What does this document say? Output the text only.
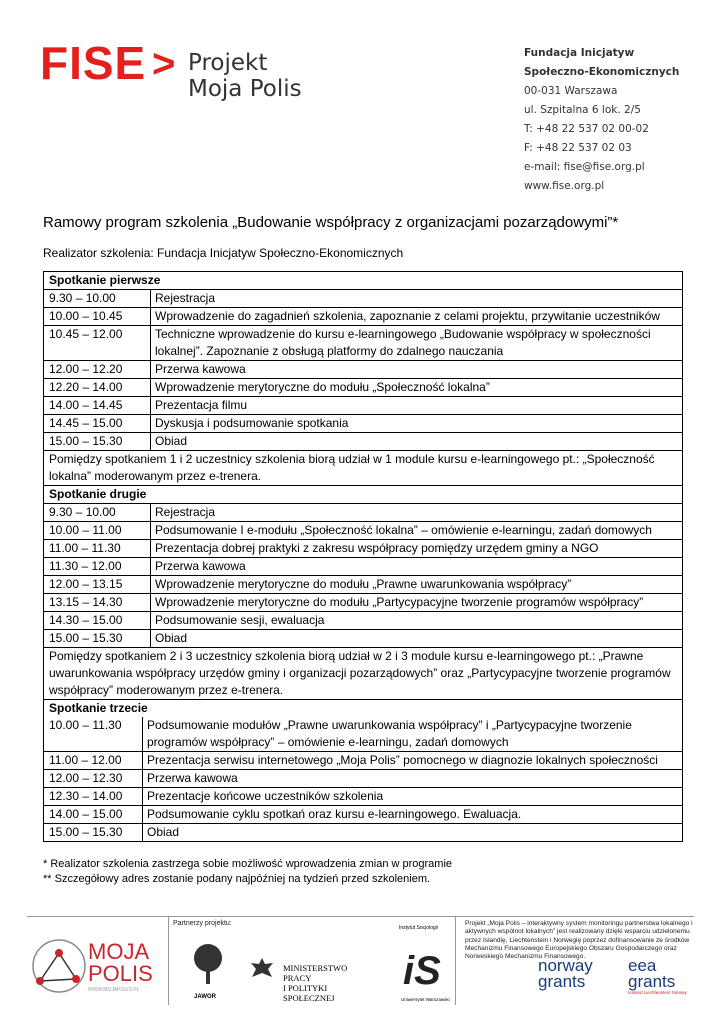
FISE > Projekt
Moja Polis
Fundacja Inicjatyw
Społeczno-Ekonomicznych
00-031 Warszawa
ul. Szpitalna 6 lok. 2/5
T: +48 22 537 02 00-02
F: +48 22 537 02 03
e-mail: fise@fise.org.pl
www.fise.org.pl
Ramowy program szkolenia „Budowanie współpracy z organizacjami pozarządowymi”*
Realizator szkolenia: Fundacja Inicjatyw Społeczno-Ekonomicznych
Spotkanie pierwsze
9.30 – 10.00	Rejestracja
10.00 – 10.45	Wprowadzenie do zagadnień szkolenia, zapoznanie z celami projektu, przywitanie uczestników
10.45 – 12.00	Techniczne wprowadzenie do kursu e-learningowego „Budowanie współpracy w społeczności lokalnej”. Zapoznanie z obsługą platformy do zdalnego nauczania
12.00 – 12.20	Przerwa kawowa
12.20 – 14.00	Wprowadzenie merytoryczne do modułu „Społeczność lokalna”
14.00 – 14.45	Prezentacja filmu
14.45 – 15.00	Dyskusja i podsumowanie spotkania
15.00 – 15.30	Obiad
Pomiędzy spotkaniem 1 i 2 uczestnicy szkolenia biorą udział w 1 module kursu e-learningowego pt.: „Społeczność lokalna” moderowanym przez e-trenera.
Spotkanie drugie
9.30 – 10.00	Rejestracja
10.00 – 11.00	Podsumowanie I e-modułu „Społeczność lokalna” – omówienie e-learningu, zadań domowych
11.00 – 11.30	Prezentacja dobrej praktyki z zakresu współpracy pomiędzy urzędem gminy a NGO
11.30 – 12.00	Przerwa kawowa
12.00 – 13.15	Wprowadzenie merytoryczne do modułu „Prawne uwarunkowania współpracy”
13.15 – 14.30	Wprowadzenie merytoryczne do modułu „Partycypacyjne tworzenie programów współpracy”
14.30 – 15.00	Podsumowanie sesji, ewaluacja
15.00 – 15.30	Obiad
Pomiędzy spotkaniem 2 i 3 uczestnicy szkolenia biorą udział w 2 i 3 module kursu e-learningowego pt.: „Prawne uwarunkowania współpracy urzędów gminy i organizacji pozarządowych” oraz „Partycypacyjne tworzenie programów współpracy” moderowanym przez e-trenera.
Spotkanie trzecie
10.00 – 11.30	Podsumowanie modułów „Prawne uwarunkowania współpracy” i „Partycypacyjne tworzenie programów współpracy” – omówienie e-learningu, zadań domowych
11.00 – 12.00	Prezentacja serwisu internetowego „Moja Polis” pomocnego w diagnozie lokalnych społeczności
12.00 – 12.30	Przerwa kawowa
12.30 – 14.00	Prezentacje końcowe uczestników szkolenia
14.00 – 15.00	Podsumowanie cyklu spotkań oraz kursu e-learningowego. Ewaluacja.
15.00 – 15.30	Obiad
* Realizator szkolenia zastrzega sobie możliwość wprowadzenia zmian w programie
** Szczegółowy adres zostanie podany najpóźniej na tydzień przed szkoleniem.
Partnerzy projektu:
MOJA
POLIS
WWW.MOJAPOLIS.PL
JAWOR
MINISTERSTWO PRACY
I POLITYKI SPOŁECZNEJ
Instytut Socjologii
iS
Uniwersytet Warszawski
Projekt „Moja Polis – interaktywny system monitoringu partnerstwa lokalnego i aktywnych wspólnot lokalnych” jest realizowany dzięki wsparciu udzielonemu przez Islandię, Liechtenstein i Norwegię poprzez dofinansowanie ze środków Mechanizmu Finansowego Europejskiego Obszaru Gospodarczego oraz Norweskiego Mechanizmu Finansowego.
norway
grants
eea
grants
Iceland Liechtenstein Norway
